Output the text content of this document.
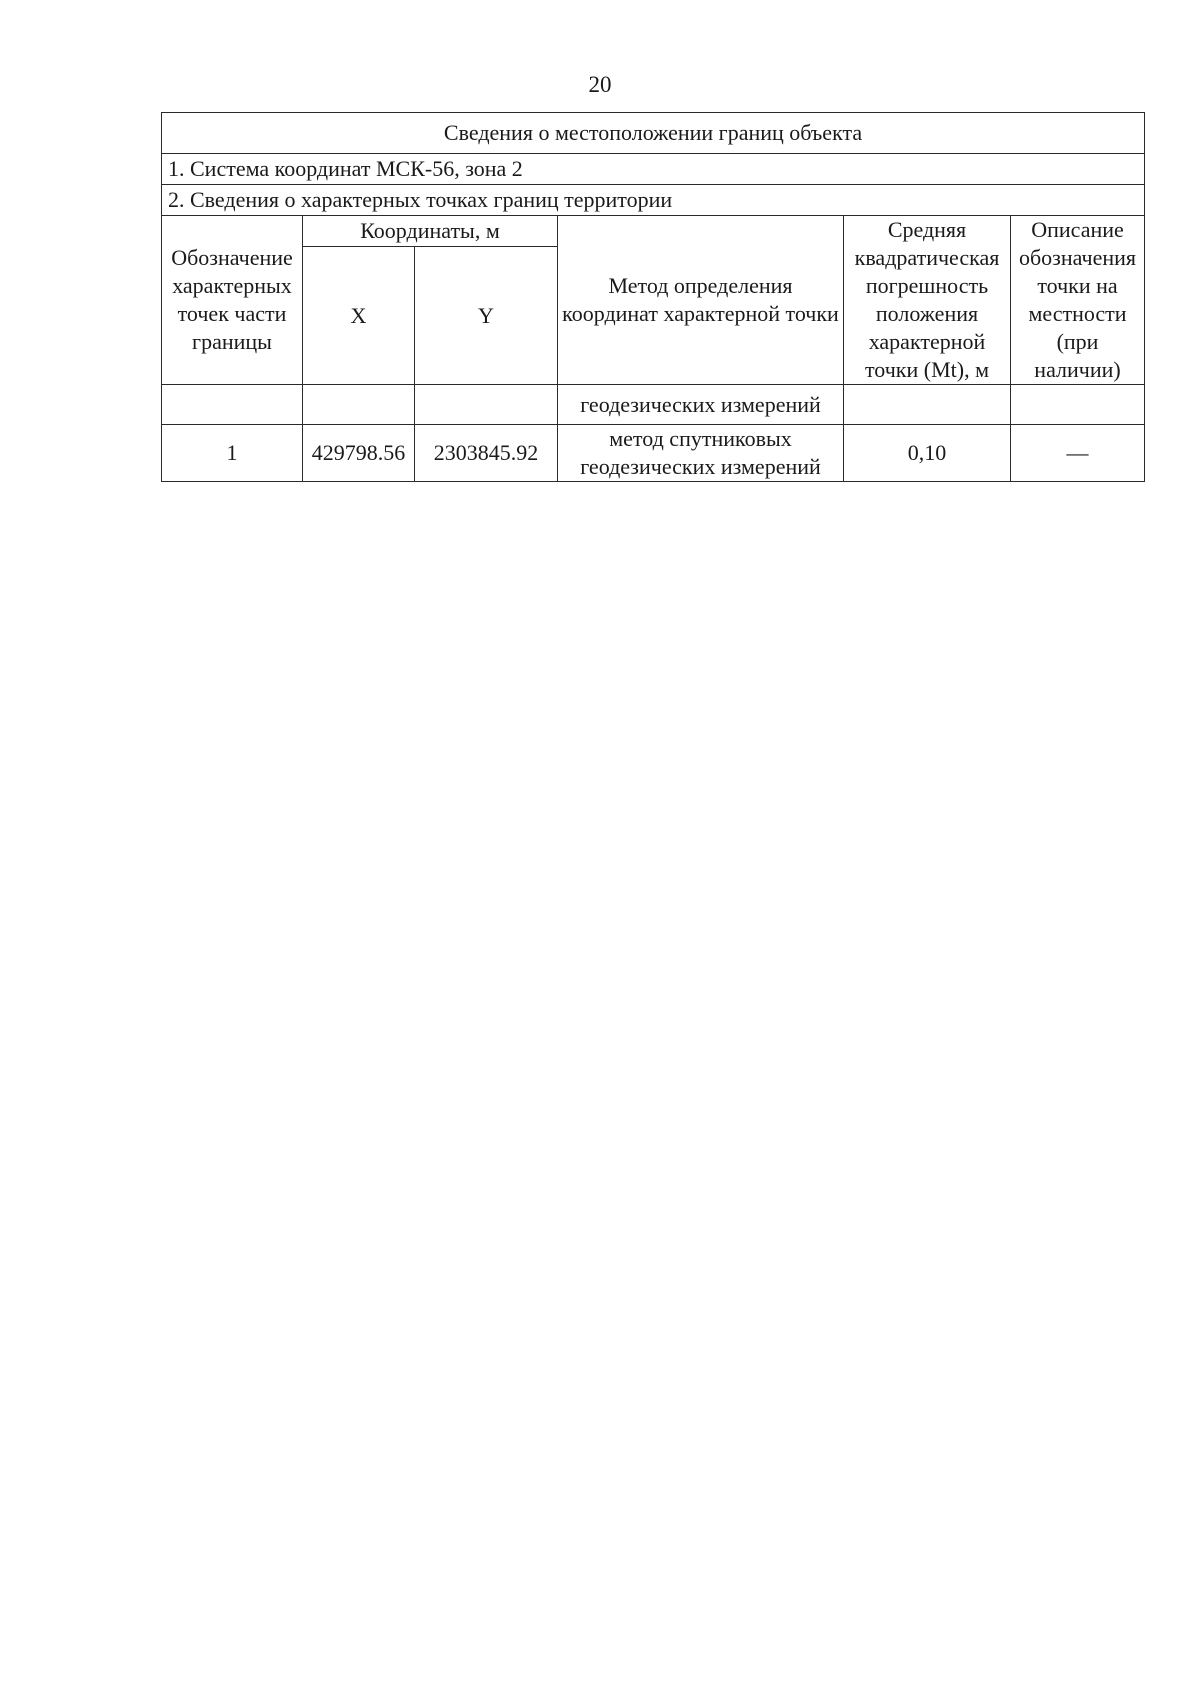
20
Сведения о местоположении границ объекта					
1. Система координат МСК-56, зона 2					
2. Сведения о характерных точках границ территории					
Обозначение характерных точек части границы	Координаты, м		Метод определения координат характерной точки	Средняя квадратическая погрешность положения характерной точки (Mt), м	Описание обозначения точки на местности (при наличии)
	X	Y			
			геодезических измерений		
1	429798.56	2303845.92	метод спутниковых геодезических измерений	0,10	—
